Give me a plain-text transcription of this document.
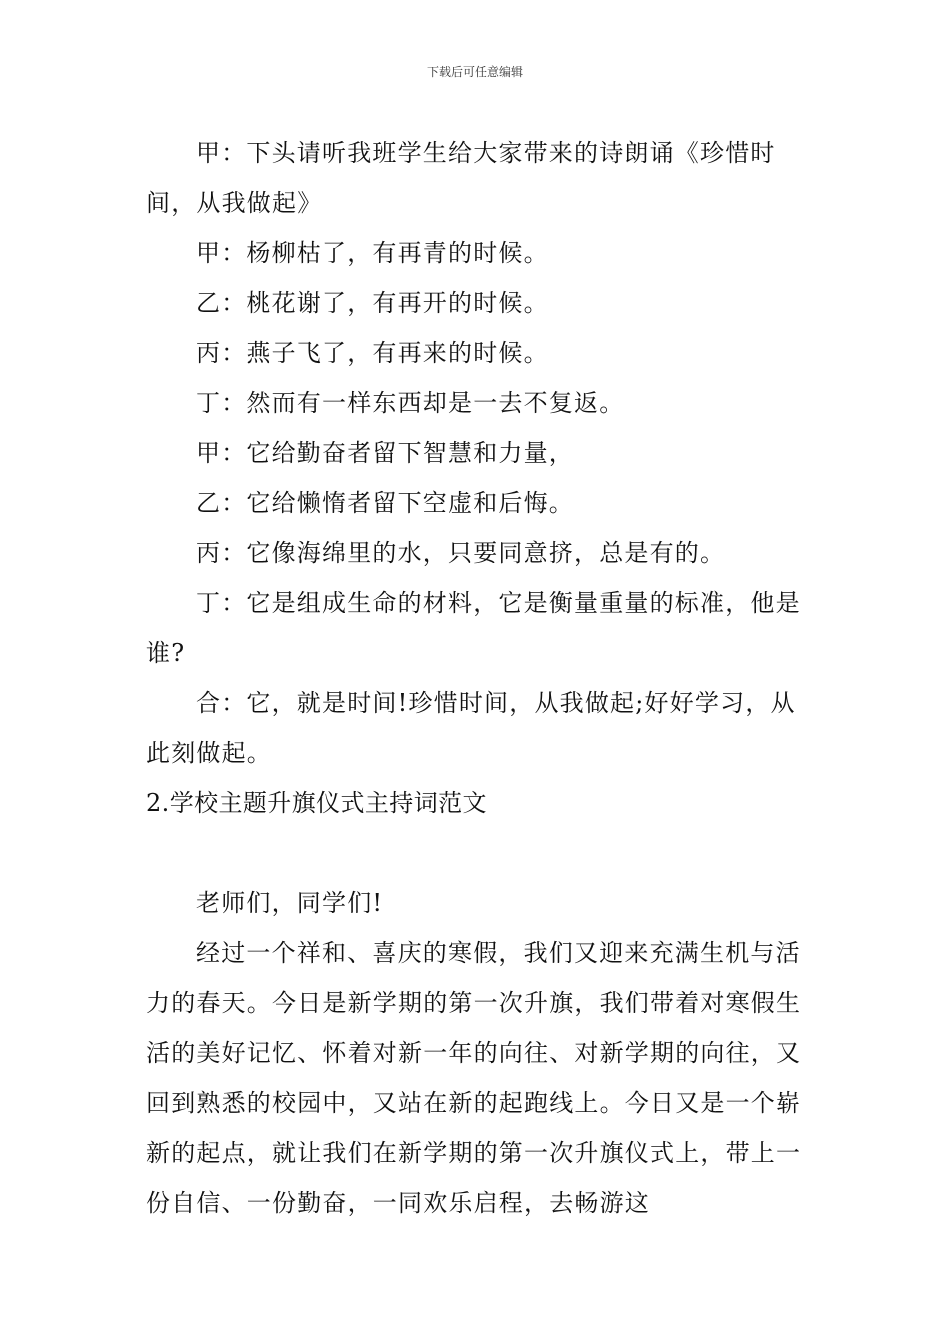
下载后可任意编辑

甲：下头请听我班学生给大家带来的诗朗诵《珍惜时间，从我做起》

甲：杨柳枯了，有再青的时候。

乙：桃花谢了，有再开的时候。

丙：燕子飞了，有再来的时候。

丁：然而有一样东西却是一去不复返。

甲：它给勤奋者留下智慧和力量，

乙：它给懒惰者留下空虚和后悔。

丙：它像海绵里的水，只要同意挤，总是有的。

丁：它是组成生命的材料，它是衡量重量的标准，他是谁?

合：它，就是时间!珍惜时间，从我做起;好好学习，从此刻做起。

2.学校主题升旗仪式主持词范文

老师们，同学们!

经过一个祥和、喜庆的寒假，我们又迎来充满生机与活力的春天。今日是新学期的第一次升旗，我们带着对寒假生活的美好记忆、怀着对新一年的向往、对新学期的向往，又回到熟悉的校园中，又站在新的起跑线上。今日又是一个崭新的起点，就让我们在新学期的第一次升旗仪式上，带上一份自信、一份勤奋，一同欢乐启程，去畅游这
